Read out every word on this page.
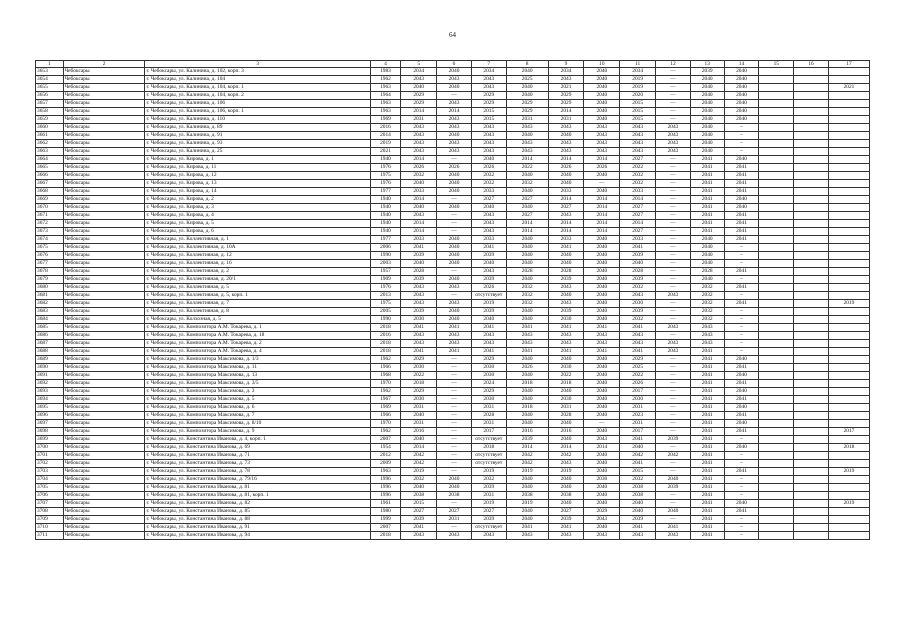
64
1	2	3	4	5	6	7	8	9	10	11	12	13	14	15	16	17
3653	Чебоксары	г. Чебоксары, ул. Калинина, д. 102, корп. 3	1983	2034	2040	2034	2040	2034	2040	2034	—	2039	2040			
3654	Чебоксары	г. Чебоксары, ул. Калинина, д. 104	1962	2043	2043	2043	2025	2043	2040	2019	—	2040	2040			
3655	Чебоксары	г. Чебоксары, ул. Калинина, д. 104, корп. 1	1963	2040	2040	2043	2040	2021	2040	2019	—	2040	2040			2021
3656	Чебоксары	г. Чебоксары, ул. Калинина, д. 104, корп. 2	1964	2029	—	2029	2040	2029	2040	2020	—	2040	2040			
3657	Чебоксары	г. Чебоксары, ул. Калинина, д. 106	1963	2029	2043	2029	2029	2029	2040	2015	—	2040	2040			
3658	Чебоксары	г. Чебоксары, ул. Калинина, д. 106, корп. 1	1963	2014	2014	2015	2029	2014	2040	2015	—	2040	2040			
3659	Чебоксары	г. Чебоксары, ул. Калинина, д. 110	1969	2031	2043	2015	2031	2031	2040	2015	—	2040	2040			
3660	Чебоксары	г. Чебоксары, ул. Калинина, д. 89	2016	2043	2043	2043	2043	2043	2043	2043	2043	2040	–			
3661	Чебоксары	г. Чебоксары, ул. Калинина, д. 91	2014	2043	2040	2043	2040	2040	2043	2043	2043	2040	–			
3662	Чебоксары	г. Чебоксары, ул. Калинина, д. 93	2019	2043	2043	2043	2043	2043	2043	2043	2043	2040	–			
3663	Чебоксары	г. Чебоксары, ул. Калинина, д. 25	2021	2043	2043	2043	2043	2043	2043	2043	2043	2040	–			
3664	Чебоксары	г. Чебоксары, ул. Кирова, д. 1	1940	2014	—	2040	2014	2014	2014	2027	—	2041	2040			
3665	Чебоксары	г. Чебоксары, ул. Кирова, д. 11	1976	2026	2026	2026	2022	2026	2026	2022	—	2041	2041			
3666	Чебоксары	г. Чебоксары, ул. Кирова, д. 12	1975	2032	2040	2032	2040	2040	2040	2032	—	2041	2041			
3667	Чебоксары	г. Чебоксары, ул. Кирова, д. 13	1976	2040	2040	2032	2032	2040	—	2032	—	2041	2041			
3668	Чебоксары	г. Чебоксары, ул. Кирова, д. 14	1977	2033	2040	2033	2040	2033	2040	2033	—	2041	2041			
3669	Чебоксары	г. Чебоксары, ул. Кирова, д. 2	1940	2014	—	2027	2027	2014	2014	2014	—	2041	2040			
3670	Чебоксары	г. Чебоксары, ул. Кирова, д. 3	1940	2040	2040	2040	2040	2027	2014	2027	—	2041	2040			
3671	Чебоксары	г. Чебоксары, ул. Кирова, д. 4	1940	2043	—	2043	2027	2043	2014	2027	—	2041	2041			
3672	Чебоксары	г. Чебоксары, ул. Кирова, д. 5	1940	2014	—	2043	2014	2014	2014	2014	—	2041	2041			
3673	Чебоксары	г. Чебоксары, ул. Кирова, д. 6	1940	2014	—	2043	2014	2014	2014	2027	—	2041	2041			
3674	Чебоксары	г. Чебоксары, ул. Коллективная, д. 1	1977	2033	2040	2033	2040	2033	2040	2033	—	2040	2041			
3675	Чебоксары	г. Чебоксары, ул. Коллективная, д. 10А	2006	2041	2040	2041	2040	2041	2040	2041	—	2040	–			
3676	Чебоксары	г. Чебоксары, ул. Коллективная, д. 12	1990	2039	2040	2039	2040	2040	2040	2039	—	2040	–			
3677	Чебоксары	г. Чебоксары, ул. Коллективная, д. 16	2003	2040	2040	2040	2040	2040	2040	2040	—	2040	–			
3678	Чебоксары	г. Чебоксары, ул. Коллективная, д. 2	1957	2028	—	2043	2028	2028	2040	2028	—	2028	2041			
3679	Чебоксары	г. Чебоксары, ул. Коллективная, д. 20/1	1909	2039	2040	2039	2040	2039	2040	2039	—	2040	–			
3680	Чебоксары	г. Чебоксары, ул. Коллективная, д. 5	1976	2043	2043	2026	2032	2043	2040	2032	—	2032	2041			
3681	Чебоксары	г. Чебоксары, ул. Коллективная, д. 5, корп. 1	2013	2043	—	отсутствует	2032	2040	2040	2043	2043	2032	–			
3682	Чебоксары	г. Чебоксары, ул. Коллективная, д. 7	1975	2043	2043	2019	2032	2043	2040	2030	—	2032	2041			2019
3683	Чебоксары	г. Чебоксары, ул. Коллективная, д. 8	2005	2039	2040	2039	2040	2039	2040	2039	—	2032	–			
3684	Чебоксары	г. Чебоксары, ул. Колхозная, д. 5	1990	2030	2040	2040	2040	2030	2040	2032	—	2032	–			
3685	Чебоксары	г. Чебоксары, ул. Композитора А.М. Токарева, д. 1	2018	2041	2041	2041	2041	2041	2041	2041	2043	2043	–			
3686	Чебоксары	г. Чебоксары, ул. Композитора А.М. Токарева, д. 18	2016	2043	2043	2043	2043	2043	2043	2043	—	2043	–			
3687	Чебоксары	г. Чебоксары, ул. Композитора А.М. Токарева, д. 2	2018	2043	2043	2043	2043	2043	2043	2043	2043	2043	–			
3688	Чебоксары	г. Чебоксары, ул. Композитора А.М. Токарева, д. 4	2018	2041	2041	2041	2041	2041	2041	2041	2043	2041	–			
3689	Чебоксары	г. Чебоксары, ул. Композитора Максимова, д. 1/3	1962	2029	—	2029	2040	2040	2040	2029	—	2041	2040			
3690	Чебоксары	г. Чебоксары, ул. Композитора Максимова, д. 11	1966	2030	—	2030	2026	2030	2040	2025	—	2041	2041			
3691	Чебоксары	г. Чебоксары, ул. Композитора Максимова, д. 13	1968	2022	—	2030	2040	2022	2040	2022	—	2041	2040			
3692	Чебоксары	г. Чебоксары, ул. Композитора Максимова, д. 3/5	1970	2018	—	2024	2018	2018	2040	2026	—	2041	2041			
3693	Чебоксары	г. Чебоксары, ул. Композитора Максимова, д. 3	1962	2029	—	2029	2040	2040	2040	2017	—	2041	2040			
3694	Чебоксары	г. Чебоксары, ул. Композитора Максимова, д. 5	1967	2030	—	2030	2040	2030	2040	2030	—	2041	2041			
3695	Чебоксары	г. Чебоксары, ул. Композитора Максимова, д. 6	1969	2031	—	2031	2018	2031	2040	2031	—	2041	2040			
3696	Чебоксары	г. Чебоксары, ул. Композитора Максимова, д. 7	1966	2040	—	2028	2040	2028	2040	2023	—	2041	2041			
3697	Чебоксары	г. Чебоксары, ул. Композитора Максимова, д. 8/10	1970	2031	—	2031	2040	2040	—	2031	—	2041	2040			
3698	Чебоксары	г. Чебоксары, ул. Композитора Максимова, д. 9	1962	2016	—	2017	2016	2016	2040	2017	—	2041	2041			2017
3699	Чебоксары	г. Чебоксары, ул. Константина Иванова, д. 4, корп. 1	2007	2040	—	отсутствует	2039	2040	2043	2041	2039	2041	–			
3700	Чебоксары	г. Чебоксары, ул. Константина Иванова, д. 69	1954	2014	—	2018	2014	2014	2014	2040	—	2041	2040			2018
3701	Чебоксары	г. Чебоксары, ул. Константина Иванова, д. 71	2012	2042	—	отсутствует	2042	2042	2040	2042	2042	2041	–			
3702	Чебоксары	г. Чебоксары, ул. Константина Иванова, д. 73	2009	2042	—	отсутствует	2042	2043	2040	2041	—	2041	–			
3703	Чебоксары	г. Чебоксары, ул. Константина Иванова, д. 78	1963	2019	—	2019	2019	2019	2040	2015	—	2041	2041			2019
3704	Чебоксары	г. Чебоксары, ул. Константина Иванова, д. 79/16	1996	2032	2040	2032	2040	2040	2030	2032	2040	2041	–			
3705	Чебоксары	г. Чебоксары, ул. Константина Иванова, д. 81	1996	2040	2040	2039	2040	2040	2040	2038	2039	2041	–			
3706	Чебоксары	г. Чебоксары, ул. Константина Иванова, д. 81, корп. 1	1996	2038	2038	2031	2038	2038	2040	2038	—	2041	–			
3707	Чебоксары	г. Чебоксары, ул. Константина Иванова, д. 82	1961	2015	—	2019	2019	2040	2040	2040	—	2041	2040			2019
3708	Чебоксары	г. Чебоксары, ул. Константина Иванова, д. 85	1980	2027	2027	2027	2040	2027	2029	2040	2040	2041	2041			
3709	Чебоксары	г. Чебоксары, ул. Константина Иванова, д. 88	1999	2039	2031	2039	2040	2039	2043	2039	—	2041	–			
3710	Чебоксары	г. Чебоксары, ул. Константина Иванова, д. 91	2007	2041	—	отсутствует	2041	2041	2040	2041	2041	2041	–			
3711	Чебоксары	г. Чебоксары, ул. Константина Иванова, д. 94	2018	2043	2043	2043	2043	2043	2043	2043	2043	2041	–			
